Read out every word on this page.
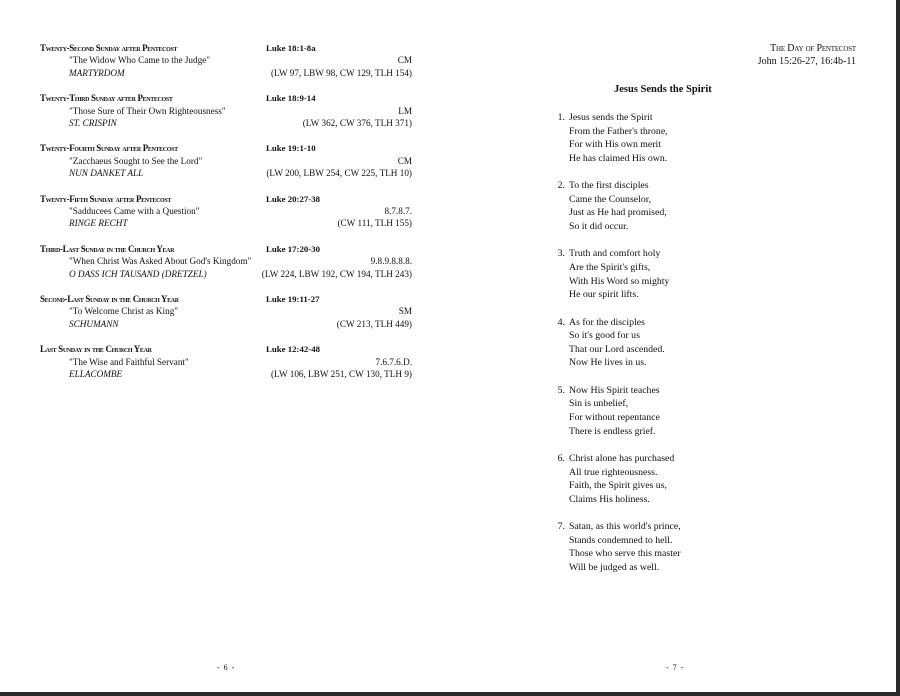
Twenty-Second Sunday after Pentecost	Luke 18:1-8a
"The Widow Who Came to the Judge"	CM
MARTYRDOM	(LW 97, LBW 98, CW 129, TLH 154)
Twenty-Third Sunday after Pentecost	Luke 18:9-14
"Those Sure of Their Own Righteousness"	LM
ST. CRISPIN	(LW 362, CW 376, TLH 371)
Twenty-Fourth Sunday after Pentecost	Luke 19:1-10
"Zacchaeus Sought to See the Lord"	CM
NUN DANKET ALL	(LW 200, LBW 254, CW 225, TLH 10)
Twenty-Fifth Sunday after Pentecost	Luke 20:27-38
"Sadducees Came with a Question"	8.7.8.7.
RINGE RECHT	(CW 111, TLH 155)
Third-Last Sunday in the Church Year	Luke 17:20-30
"When Christ Was Asked About God's Kingdom"	9.8.9.8.8.8.
O DASS ICH TAUSAND (DRETZEL)	(LW 224, LBW 192, CW 194, TLH 243)
Second-Last Sunday in the Church Year	Luke 19:11-27
"To Welcome Christ as King"	SM
SCHUMANN	(CW 213, TLH 449)
Last Sunday in the Church Year	Luke 12:42-48
"The Wise and Faithful Servant"	7.6.7.6.D.
ELLACOMBE	(LW 106, LBW 251, CW 130, TLH 9)
- 6 -
The Day of Pentecost
John 15:26-27, 16:4b-11
Jesus Sends the Spirit
1. Jesus sends the Spirit
From the Father's throne,
For with His own merit
He has claimed His own.
2. To the first disciples
Came the Counselor,
Just as He had promised,
So it did occur.
3. Truth and comfort holy
Are the Spirit's gifts,
With His Word so mighty
He our spirit lifts.
4. As for the disciples
So it's good for us
That our Lord ascended.
Now He lives in us.
5. Now His Spirit teaches
Sin is unbelief,
For without repentance
There is endless grief.
6. Christ alone has purchased
All true righteousness.
Faith, the Spirit gives us,
Claims His holiness.
7. Satan, as this world's prince,
Stands condemned to hell.
Those who serve this master
Will be judged as well.
- 7 -
